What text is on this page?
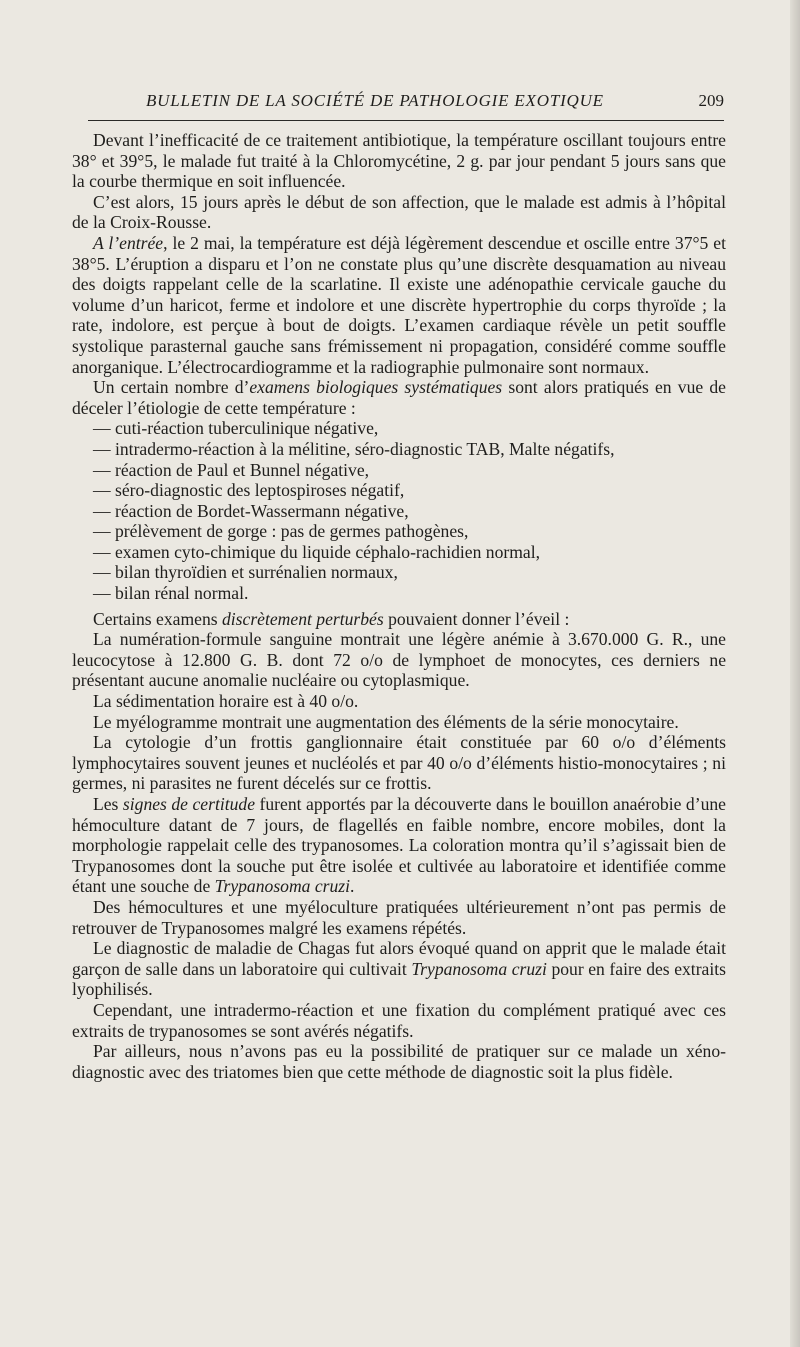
BULLETIN DE LA SOCIÉTÉ DE PATHOLOGIE EXOTIQUE	209

Devant l’inefficacité de ce traitement antibiotique, la température oscillant toujours entre 38° et 39°5, le malade fut traité à la Chloromycétine, 2 g. par jour pendant 5 jours sans que la courbe thermique en soit influencée.

C’est alors, 15 jours après le début de son affection, que le malade est admis à l’hôpital de la Croix-Rousse.

A l’entrée, le 2 mai, la température est déjà légèrement descendue et oscille entre 37°5 et 38°5. L’éruption a disparu et l’on ne constate plus qu’une discrète desquamation au niveau des doigts rappelant celle de la scarlatine. Il existe une adénopathie cervicale gauche du volume d’un haricot, ferme et indolore et une discrète hypertrophie du corps thyroïde ; la rate, indolore, est perçue à bout de doigts. L’examen cardiaque révèle un petit souffle systolique parasternal gauche sans frémissement ni propagation, considéré comme souffle anorganique. L’électrocardiogramme et la radiographie pulmonaire sont normaux.

Un certain nombre d’examens biologiques systématiques sont alors pratiqués en vue de déceler l’étiologie de cette température :

— cuti-réaction tuberculinique négative,

— intradermo-réaction à la mélitine, séro-diagnostic TAB, Malte négatifs,

— réaction de Paul et Bunnel négative,

— séro-diagnostic des leptospiroses négatif,

— réaction de Bordet-Wassermann négative,

— prélèvement de gorge : pas de germes pathogènes,

— examen cyto-chimique du liquide céphalo-rachidien normal,

— bilan thyroïdien et surrénalien normaux,

— bilan rénal normal.

Certains examens discrètement perturbés pouvaient donner l’éveil :

La numération-formule sanguine montrait une légère anémie à 3.670.000 G. R., une leucocytose à 12.800 G. B. dont 72 o/o de lymphoet de monocytes, ces derniers ne présentant aucune anomalie nucléaire ou cytoplasmique.

La sédimentation horaire est à 40 o/o.

Le myélogramme montrait une augmentation des éléments de la série monocytaire.

La cytologie d’un frottis ganglionnaire était constituée par 60 o/o d’éléments lymphocytaires souvent jeunes et nucléolés et par 40 o/o d’éléments histio-monocytaires ; ni germes, ni parasites ne furent décelés sur ce frottis.

Les signes de certitude furent apportés par la découverte dans le bouillon anaérobie d’une hémoculture datant de 7 jours, de flagellés en faible nombre, encore mobiles, dont la morphologie rappelait celle des trypanosomes. La coloration montra qu’il s’agissait bien de Trypanosomes dont la souche put être isolée et cultivée au laboratoire et identifiée comme étant une souche de Trypanosoma cruzi.

Des hémocultures et une myéloculture pratiquées ultérieurement n’ont pas permis de retrouver de Trypanosomes malgré les examens répétés.

Le diagnostic de maladie de Chagas fut alors évoqué quand on apprit que le malade était garçon de salle dans un laboratoire qui cultivait Trypanosoma cruzi pour en faire des extraits lyophilisés.

Cependant, une intradermo-réaction et une fixation du complément pratiqué avec ces extraits de trypanosomes se sont avérés négatifs.

Par ailleurs, nous n’avons pas eu la possibilité de pratiquer sur ce malade un xéno-diagnostic avec des triatomes bien que cette méthode de diagnostic soit la plus fidèle.
